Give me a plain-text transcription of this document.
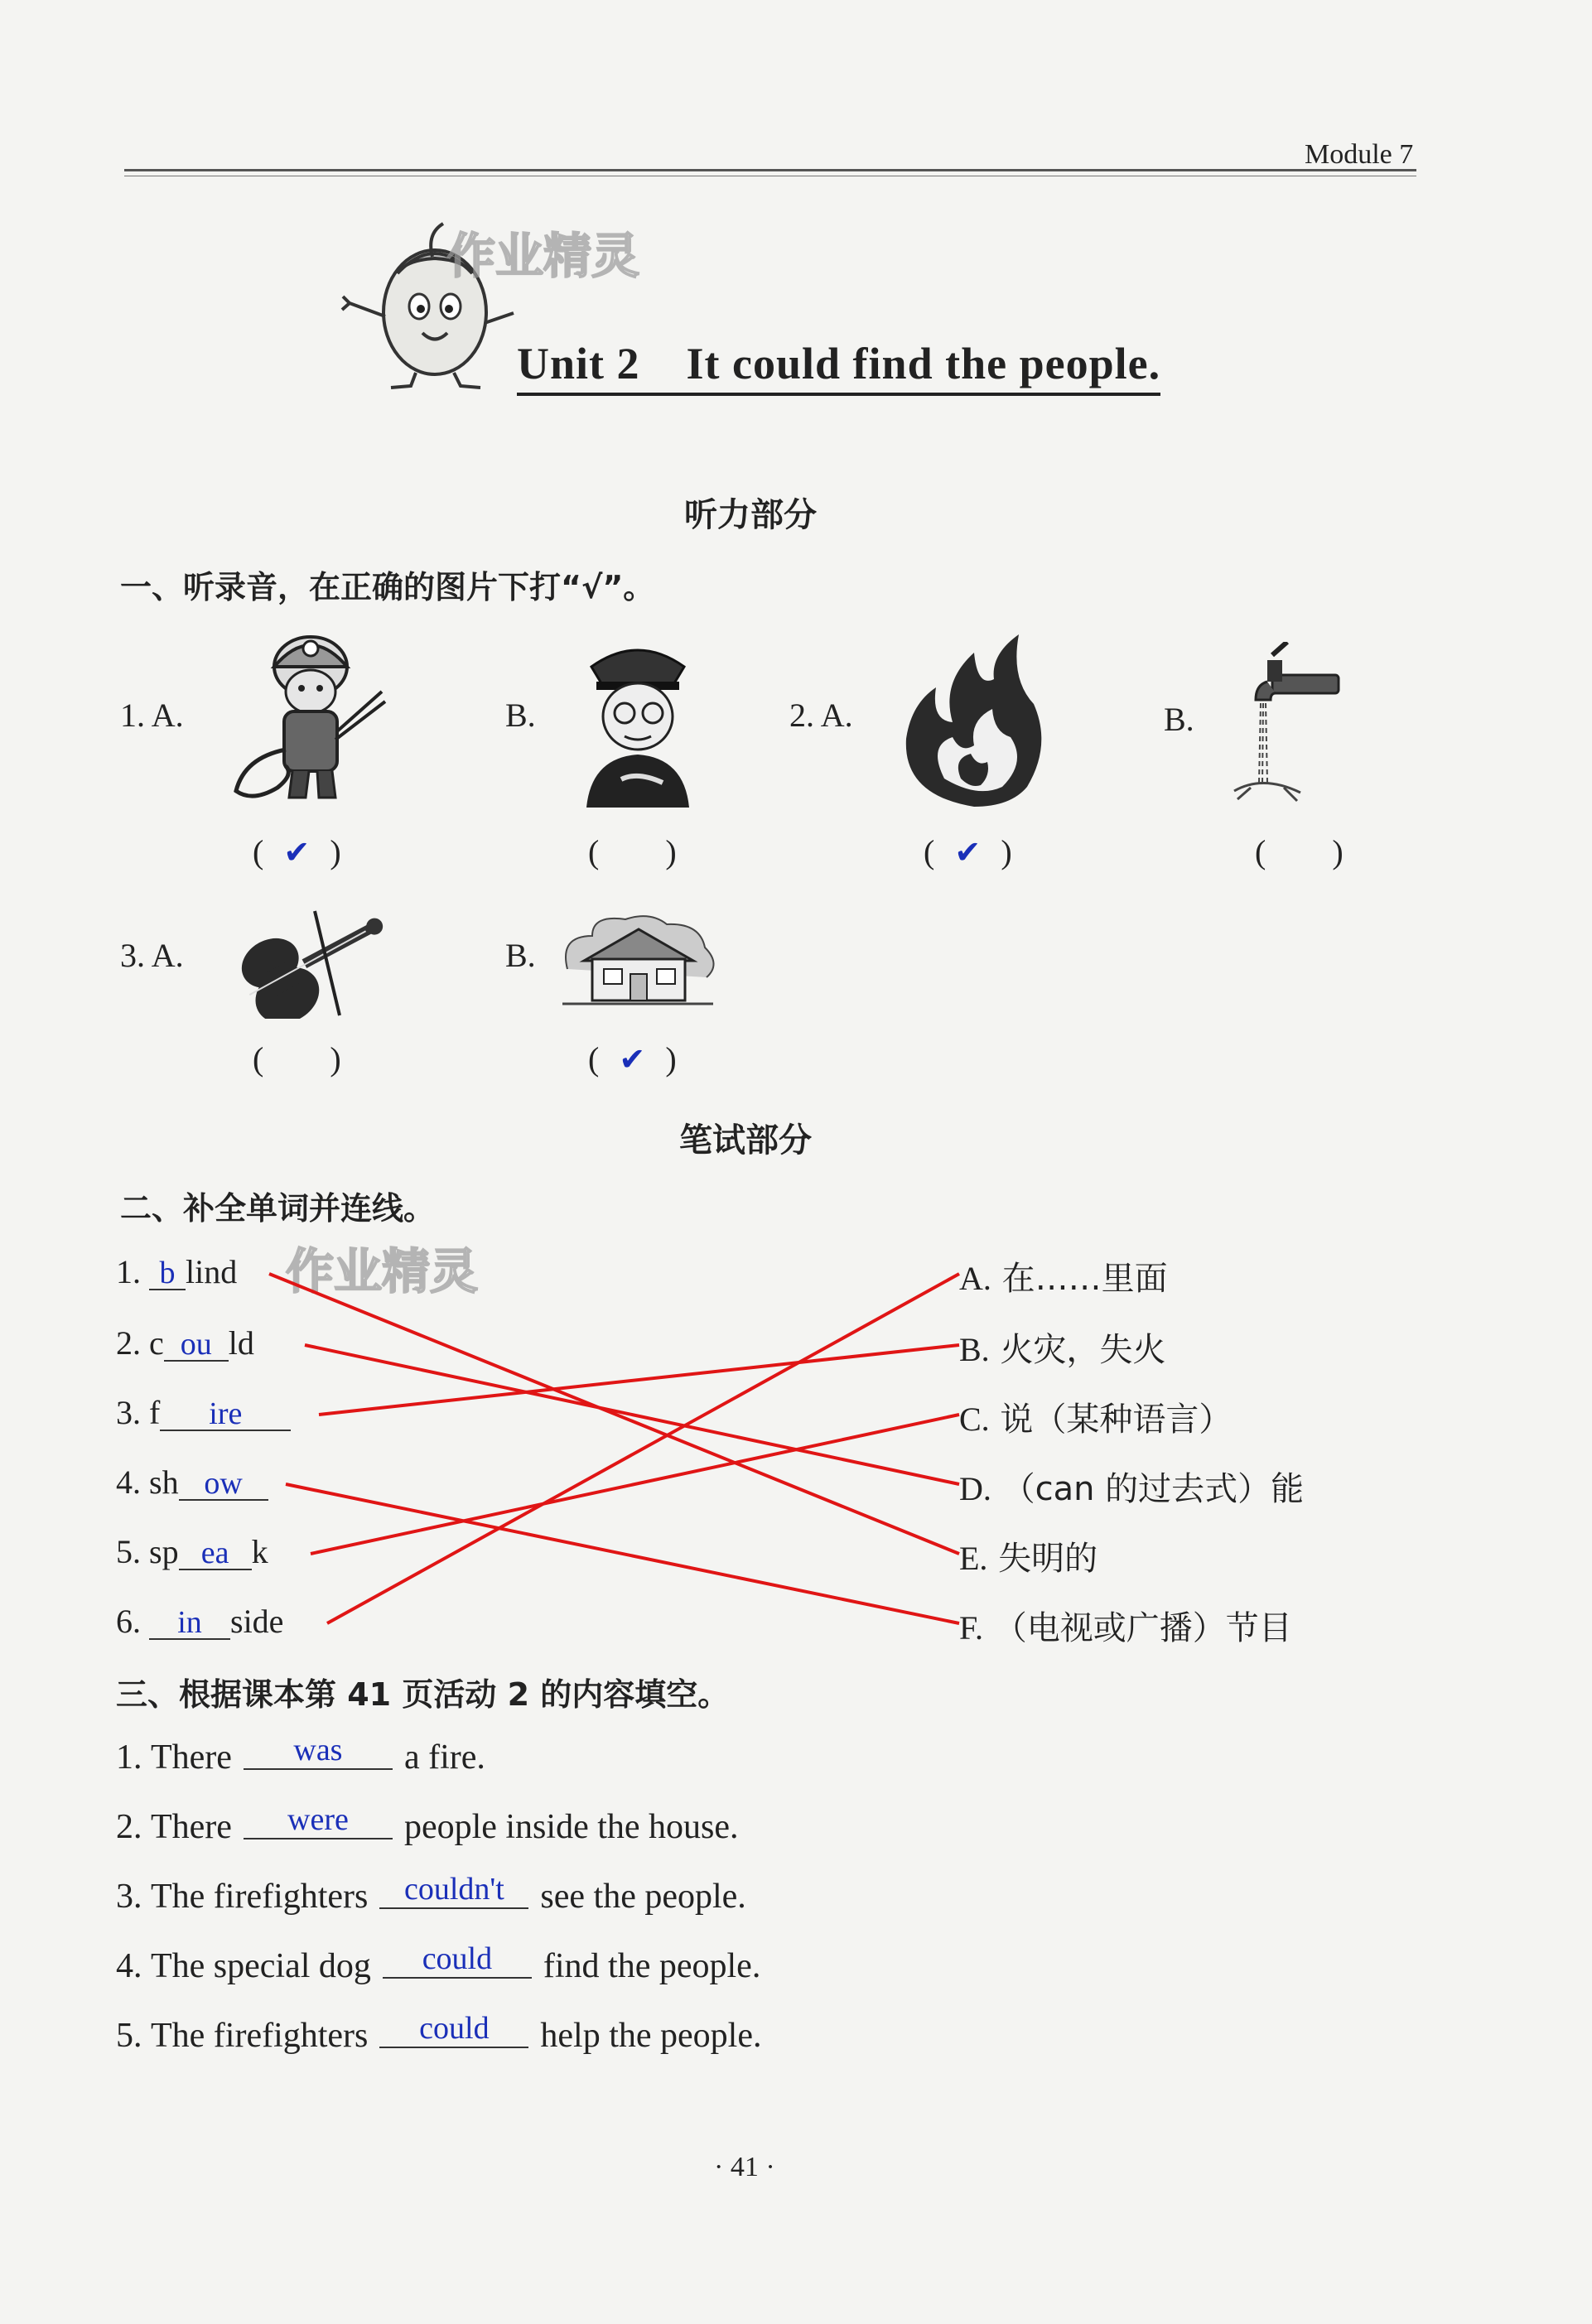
Module 7
作业精灵
Unit 2 It could find the people.
听力部分
一、听录音，在正确的图片下打“√”。
1. A.
( ✔ )
B.
(  )
2. A.
( ✔ )
B.
(  )
3. A.
(  )
B.
( ✔ )
笔试部分
二、补全单词并连线。
作业精灵
1. b lind
2. c ou ld
3. f ire
4. sh ow
5. sp ea k
6. in side
A. 在……里面
B. 火灾，失火
C. 说（某种语言）
D. （can 的过去式）能
E. 失明的
F. （电视或广播）节目
三、根据课本第 41 页活动 2 的内容填空。
1. There was a fire.
2. There were people inside the house.
3. The firefighters couldn't see the people.
4. The special dog could find the people.
5. The firefighters could help the people.
· 41 ·
